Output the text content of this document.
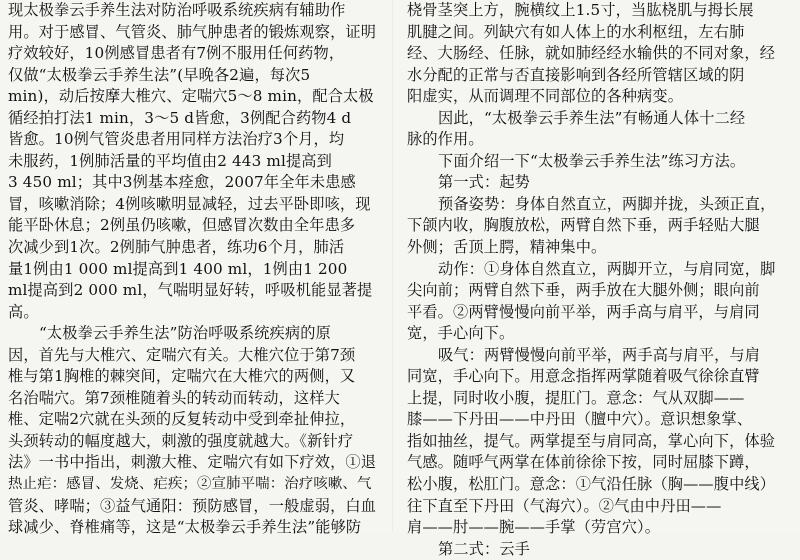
现太极拳云手养生法对防治呼吸系统疾病有辅助作
用。对于感冒、气管炎、肺气肿患者的锻炼观察，证明
疗效较好，10例感冒患者有7例不服用任何药物，
仅做“太极拳云手养生法”(早晚各2遍，每次5
min)，动后按摩大椎穴、定喘穴5～8 min，配合太极
循经拍打法1 min，3～5 d皆愈，3例配合药物4 d
皆愈。10例气管炎患者用同样方法治疗3个月，均
未服药，1例肺活量的平均值由2 443 ml提高到
3 450 ml；其中3例基本痊愈，2007年全年未患感
冒，咳嗽消除；4例咳嗽明显减轻，过去平卧即咳，现
能平卧休息；2例虽仍咳嗽，但感冒次数由全年患多
次减少到1次。2例肺气肿患者，练功6个月，肺活
量1例由1 000 ml提高到1 400 ml，1例由1 200
ml提高到2 000 ml，气喘明显好转，呼吸机能显著提
高。
“太极拳云手养生法”防治呼吸系统疾病的原
因，首先与大椎穴、定喘穴有关。大椎穴位于第7颈
椎与第1胸椎的棘突间，定喘穴在大椎穴的两侧，又
名治喘穴。第7颈椎随着头的转动而转动，这样大
椎、定喘2穴就在头颈的反复转动中受到牵扯伸拉，
头颈转动的幅度越大，刺激的强度就越大。《新针疗
法》一书中指出，刺激大椎、定喘穴有如下疗效，①退
热止疟：感冒、发烧、疟疾；②宣肺平喘：治疗咳嗽、气
管炎、哮喘；③益气通阳：预防感冒，一般虚弱，白血
球减少、脊椎痛等，这是“太极拳云手养生法”能够防
桡骨茎突上方，腕横纹上1.5寸，当肱桡肌与拇长展
肌腱之间。列缺穴有如人体上的水利枢纽，左右肺
经、大肠经、任脉，就如肺经经水输供的不同对象，经
水分配的正常与否直接影响到各经所管辖区域的阴
阳虚实，从而调理不同部位的各种病变。
因此，“太极拳云手养生法”有畅通人体十二经
脉的作用。
下面介绍一下“太极拳云手养生法”练习方法。
第一式：起势
预备姿势：身体自然直立，两脚并拢，头颈正直，
下颌内收，胸腹放松，两臂自然下垂，两手轻贴大腿
外侧；舌顶上腭，精神集中。
动作：①身体自然直立，两脚开立，与肩同宽，脚
尖向前；两臂自然下垂，两手放在大腿外侧；眼向前
平看。②两臂慢慢向前平举，两手高与肩平，与肩同
宽，手心向下。
吸气：两臂慢慢向前平举，两手高与肩平，与肩
同宽，手心向下。用意念指挥两掌随着吸气徐徐直臂
上提，同时收小腹，提肛门。意念：气从双脚——
膝——下丹田——中丹田（膻中穴）。意识想象掌、
指如抽丝，提气。两掌提至与肩同高，掌心向下，体验
气感。随呼气两掌在体前徐徐下按，同时屈膝下蹲，
松小腹，松肛门。意念：①气沿任脉（胸——腹中线）
往下直至下丹田（气海穴）。②气由中丹田——
肩——肘——腕——手掌（劳宫穴）。
第二式：云手
